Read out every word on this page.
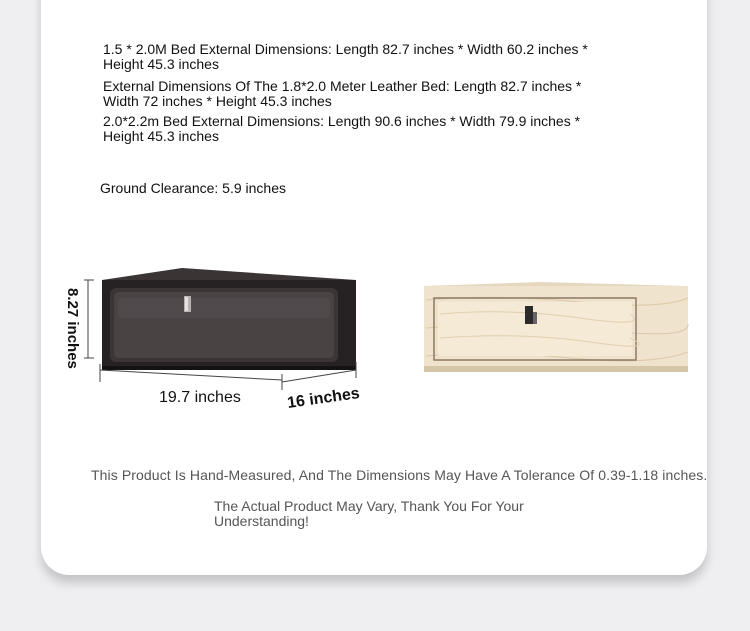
1.5 * 2.0M Bed External Dimensions: Length 82.7 inches * Width 60.2 inches * Height 45.3 inches
External Dimensions Of The 1.8*2.0 Meter Leather Bed: Length 82.7 inches * Width 72 inches * Height 45.3 inches
2.0*2.2m Bed External Dimensions: Length 90.6 inches * Width 79.9 inches * Height 45.3 inches
Ground Clearance: 5.9 inches
8.27 inches
19.7 inches	16 inches
This Product Is Hand-Measured, And The Dimensions May Have A Tolerance Of 0.39-1.18 inches.
The Actual Product May Vary, Thank You For Your Understanding!
